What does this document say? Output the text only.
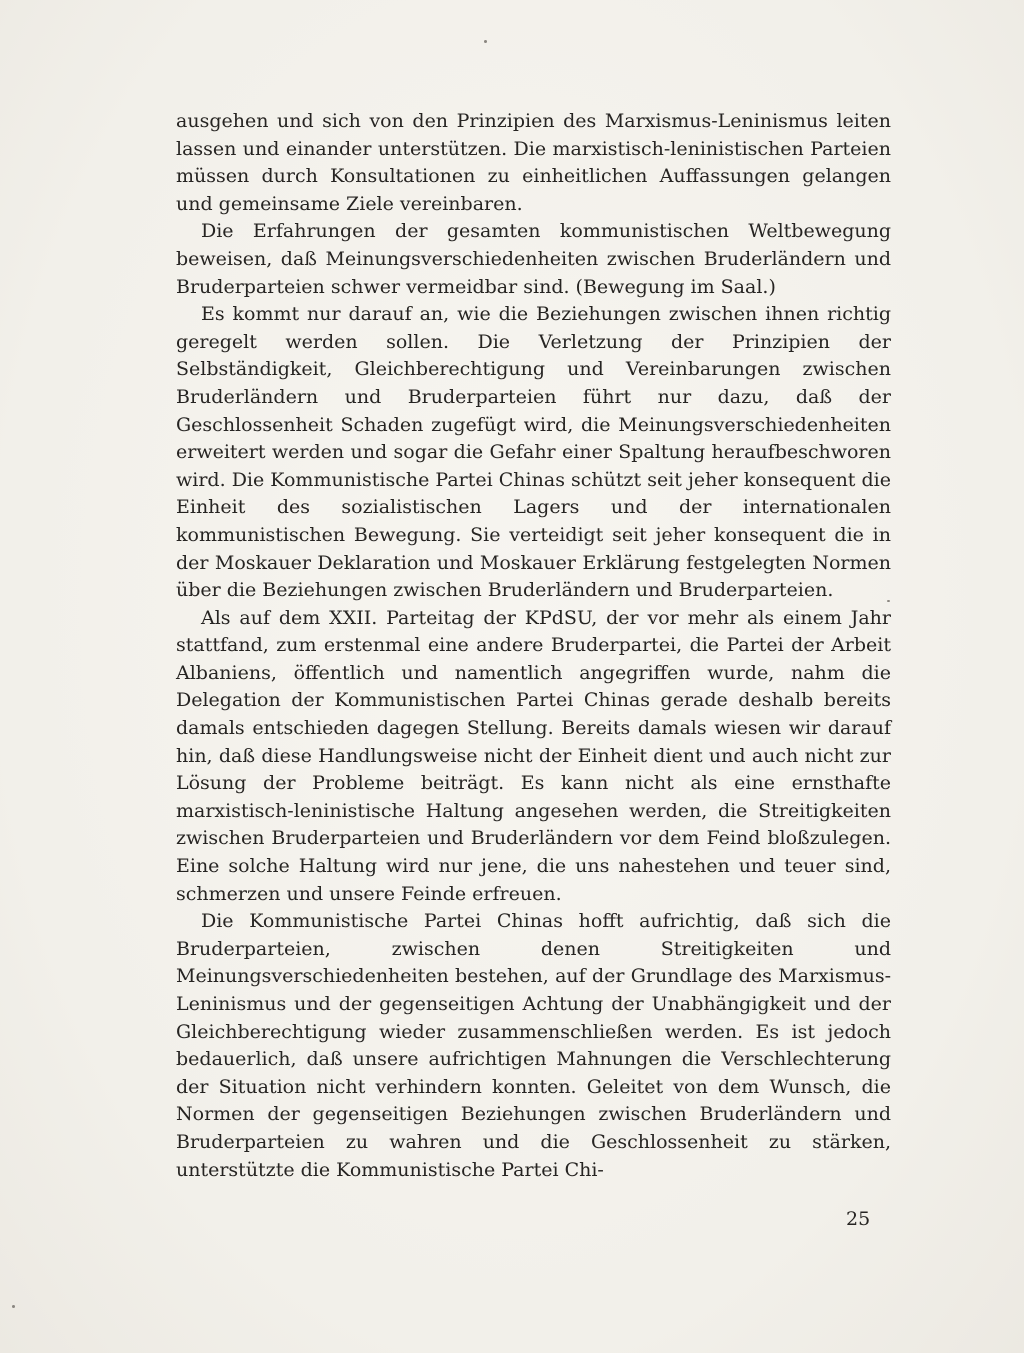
ausgehen und sich von den Prinzipien des Marxismus-Leninismus leiten lassen und einander unterstützen. Die marxistisch-leninistischen Parteien müssen durch Konsultationen zu einheitlichen Auffassungen gelangen und gemeinsame Ziele vereinbaren.

Die Erfahrungen der gesamten kommunistischen Weltbewegung beweisen, daß Meinungsverschiedenheiten zwischen Bruderländern und Bruderparteien schwer vermeidbar sind. (Bewegung im Saal.)

Es kommt nur darauf an, wie die Beziehungen zwischen ihnen richtig geregelt werden sollen. Die Verletzung der Prinzipien der Selbständigkeit, Gleichberechtigung und Vereinbarungen zwischen Bruderländern und Bruderparteien führt nur dazu, daß der Geschlossenheit Schaden zugefügt wird, die Meinungsverschiedenheiten erweitert werden und sogar die Gefahr einer Spaltung heraufbeschworen wird. Die Kommunistische Partei Chinas schützt seit jeher konsequent die Einheit des sozialistischen Lagers und der internationalen kommunistischen Bewegung. Sie verteidigt seit jeher konsequent die in der Moskauer Deklaration und Moskauer Erklärung festgelegten Normen über die Beziehungen zwischen Bruderländern und Bruderparteien.

Als auf dem XXII. Parteitag der KPdSU, der vor mehr als einem Jahr stattfand, zum erstenmal eine andere Bruderpartei, die Partei der Arbeit Albaniens, öffentlich und namentlich angegriffen wurde, nahm die Delegation der Kommunistischen Partei Chinas gerade deshalb bereits damals entschieden dagegen Stellung. Bereits damals wiesen wir darauf hin, daß diese Handlungsweise nicht der Einheit dient und auch nicht zur Lösung der Probleme beiträgt. Es kann nicht als eine ernsthafte marxistisch-leninistische Haltung angesehen werden, die Streitigkeiten zwischen Bruderparteien und Bruderländern vor dem Feind bloßzulegen. Eine solche Haltung wird nur jene, die uns nahestehen und teuer sind, schmerzen und unsere Feinde erfreuen.

Die Kommunistische Partei Chinas hofft aufrichtig, daß sich die Bruderparteien, zwischen denen Streitigkeiten und Meinungsverschiedenheiten bestehen, auf der Grundlage des Marxismus-Leninismus und der gegenseitigen Achtung der Unabhängigkeit und der Gleichberechtigung wieder zusammenschließen werden. Es ist jedoch bedauerlich, daß unsere aufrichtigen Mahnungen die Verschlechterung der Situation nicht verhindern konnten. Geleitet von dem Wunsch, die Normen der gegenseitigen Beziehungen zwischen Bruderländern und Bruderparteien zu wahren und die Geschlossenheit zu stärken, unterstützte die Kommunistische Partei Chi-

25
